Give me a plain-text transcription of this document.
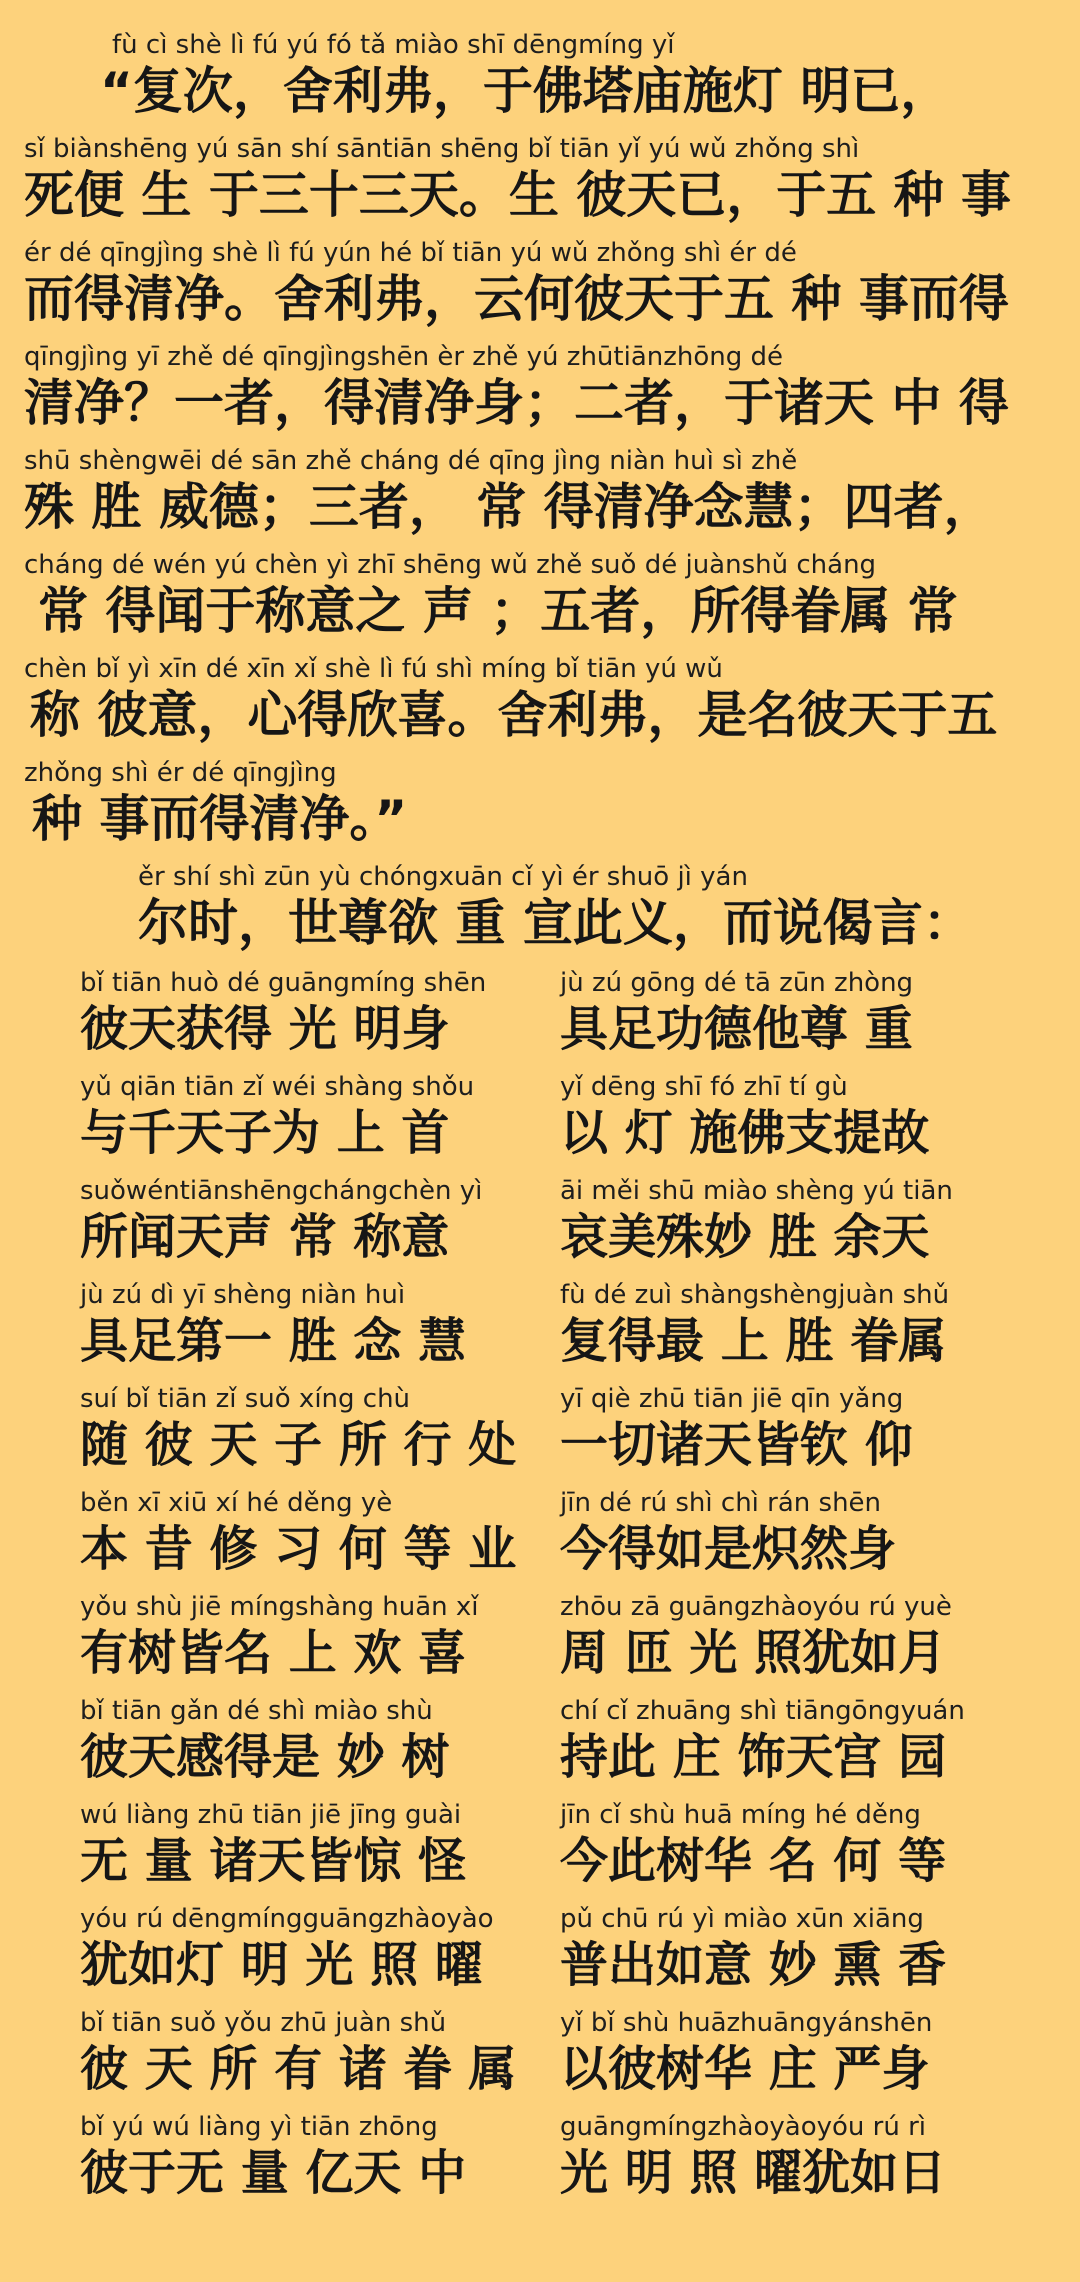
fù cì shè lì fú yú fó tǎ miào shī dēngmíng yǐ
“复次，舍利弗，于佛塔庙施灯 明已，
sǐ biànshēng yú sān shí sāntiān shēng bǐ tiān yǐ yú wǔ zhǒng shì
死便 生 于三十三天。生 彼天已，于五 种 事
ér dé qīngjìng shè lì fú yún hé bǐ tiān yú wǔ zhǒng shì ér dé
而得清净。舍利弗，云何彼天于五 种 事而得
qīngjìng yī zhě dé qīngjìngshēn èr zhě yú zhūtiānzhōng dé
清净？一者，得清净身；二者，于诸天 中 得
shū shèngwēi dé sān zhě cháng dé qīng jìng niàn huì sì zhě
殊 胜 威德；三者， 常 得清净念慧；四者，
cháng dé wén yú chèn yì zhī shēng wǔ zhě suǒ dé juànshǔ cháng
常 得闻于称意之 声 ；五者，所得眷属 常
chèn bǐ yì xīn dé xīn xǐ shè lì fú shì míng bǐ tiān yú wǔ
称 彼意，心得欣喜。舍利弗，是名彼天于五
zhǒng shì ér dé qīngjìng
种 事而得清净。”
ěr shí shì zūn yù chóngxuān cǐ yì ér shuō jì yán
尔时，世尊欲 重 宣此义，而说偈言：
bǐ tiān huò dé guāngmíng shēn
彼天获得 光 明身
jù zú gōng dé tā zūn zhòng
具足功德他尊 重
yǔ qiān tiān zǐ wéi shàng shǒu
与千天子为 上 首
yǐ dēng shī fó zhī tí gù
以 灯 施佛支提故
suǒwéntiānshēngchángchèn yì
所闻天声 常 称意
āi měi shū miào shèng yú tiān
哀美殊妙 胜 余天
jù zú dì yī shèng niàn huì
具足第一 胜 念 慧
fù dé zuì shàngshèngjuàn shǔ
复得最 上 胜 眷属
suí bǐ tiān zǐ suǒ xíng chù
随 彼 天 子 所 行 处
yī qiè zhū tiān jiē qīn yǎng
一切诸天皆钦 仰
běn xī xiū xí hé děng yè
本 昔 修 习 何 等 业
jīn dé rú shì chì rán shēn
今得如是炽然身
yǒu shù jiē míngshàng huān xǐ
有树皆名 上 欢 喜
zhōu zā guāngzhàoyóu rú yuè
周 匝 光 照犹如月
bǐ tiān gǎn dé shì miào shù
彼天感得是 妙 树
chí cǐ zhuāng shì tiāngōngyuán
持此 庄 饰天宫 园
wú liàng zhū tiān jiē jīng guài
无 量 诸天皆惊 怪
jīn cǐ shù huā míng hé děng
今此树华 名 何 等
yóu rú dēngmíngguāngzhàoyào
犹如灯 明 光 照 曜
pǔ chū rú yì miào xūn xiāng
普出如意 妙 熏 香
bǐ tiān suǒ yǒu zhū juàn shǔ
彼 天 所 有 诸 眷 属
yǐ bǐ shù huāzhuāngyánshēn
以彼树华 庄 严身
bǐ yú wú liàng yì tiān zhōng
彼于无 量 亿天 中
guāngmíngzhàoyàoyóu rú rì
光 明 照 曜犹如日
